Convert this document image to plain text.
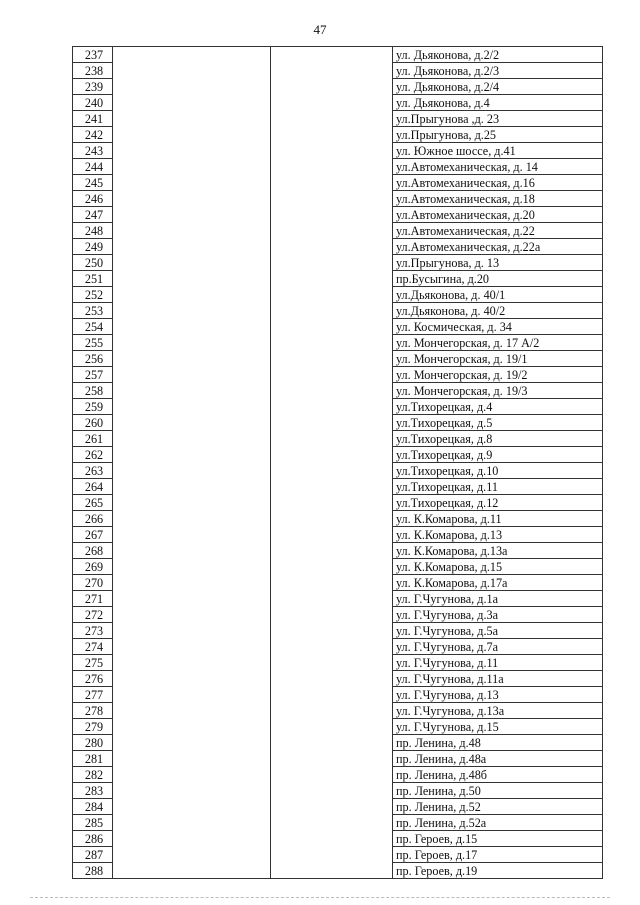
47
237			ул. Дьяконова, д.2/2
238			ул. Дьяконова, д.2/3
239			ул. Дьяконова, д.2/4
240			ул. Дьяконова, д.4
241			ул.Прыгунова ,д. 23
242			ул.Прыгунова, д.25
243			ул. Южное шоссе, д.41
244			ул.Автомеханическая, д. 14
245			ул.Автомеханическая, д.16
246			ул.Автомеханическая, д.18
247			ул.Автомеханическая, д.20
248			ул.Автомеханическая, д.22
249			ул.Автомеханическая, д.22а
250			ул.Прыгунова, д. 13
251			пр.Бусыгина, д.20
252			ул.Дьяконова, д. 40/1
253			ул.Дьяконова, д. 40/2
254			ул. Космическая, д. 34
255			ул. Мончегорская, д. 17 А/2
256			ул. Мончегорская, д. 19/1
257			ул. Мончегорская, д. 19/2
258			ул. Мончегорская, д. 19/3
259			ул.Тихорецкая, д.4
260			ул.Тихорецкая, д.5
261			ул.Тихорецкая, д.8
262			ул.Тихорецкая, д.9
263			ул.Тихорецкая, д.10
264			ул.Тихорецкая, д.11
265			ул.Тихорецкая, д.12
266			ул. К.Комарова, д.11
267			ул. К.Комарова, д.13
268			ул. К.Комарова, д.13а
269			ул. К.Комарова, д.15
270			ул. К.Комарова, д.17а
271			ул. Г.Чугунова, д.1а
272			ул. Г.Чугунова, д.3а
273			ул. Г.Чугунова, д.5а
274			ул. Г.Чугунова, д.7а
275			ул. Г.Чугунова, д.11
276			ул. Г.Чугунова, д.11а
277			ул. Г.Чугунова, д.13
278			ул. Г.Чугунова, д.13а
279			ул. Г.Чугунова, д.15
280			пр. Ленина, д.48
281			пр. Ленина, д.48а
282			пр. Ленина, д.48б
283			пр. Ленина, д.50
284			пр. Ленина, д.52
285			пр. Ленина, д.52а
286			пр. Героев, д.15
287			пр. Героев, д.17
288			пр. Героев, д.19
